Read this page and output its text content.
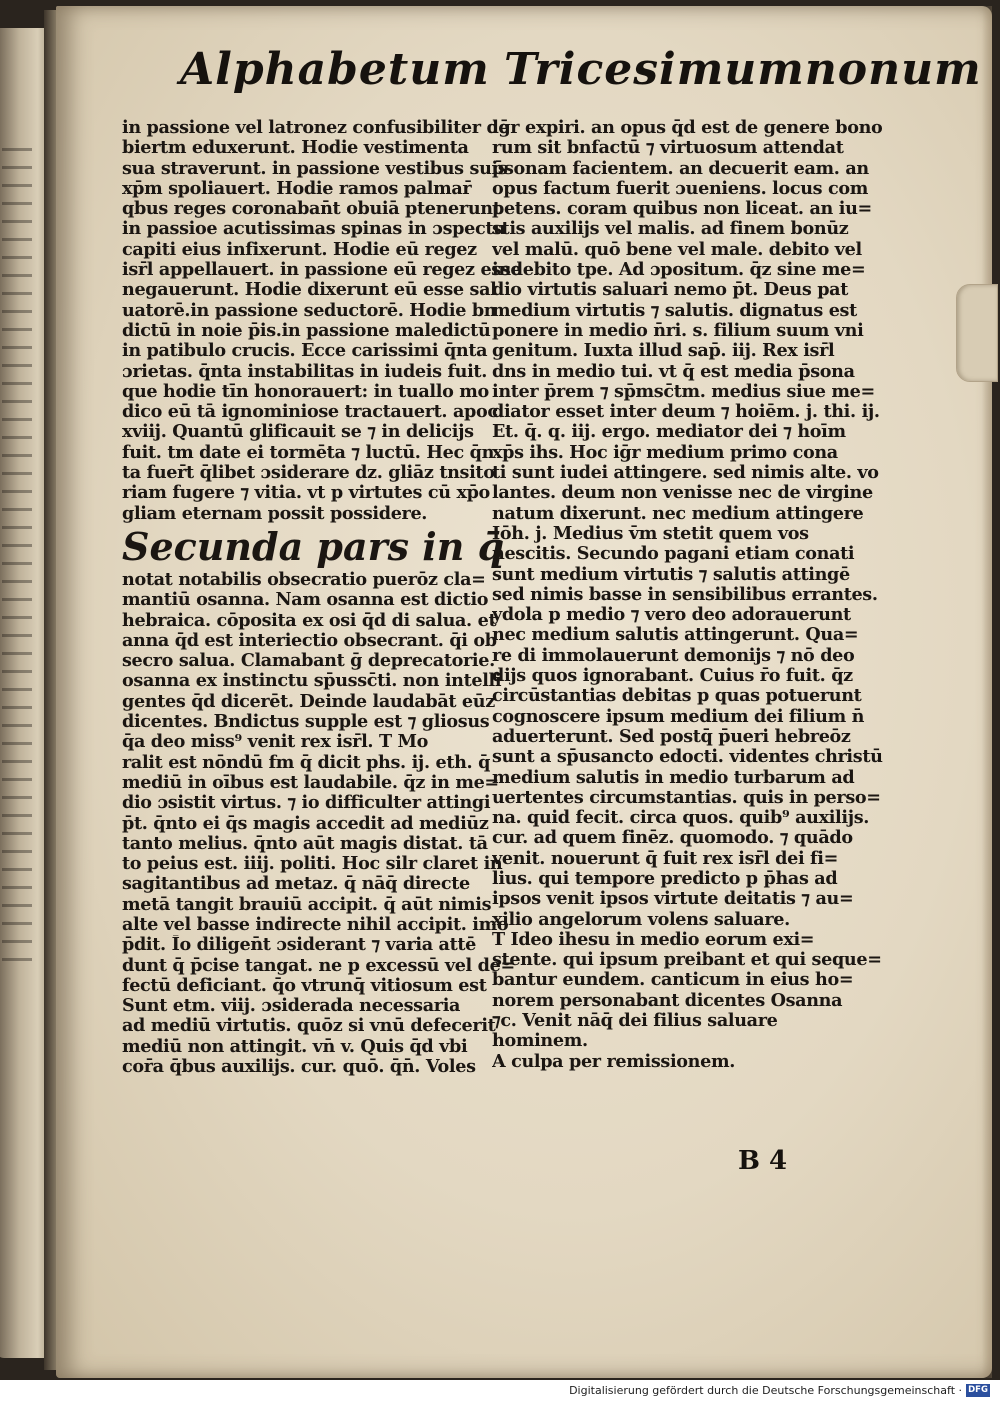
Alphabetum Tricesimumnonum
in passione vel latronez confusibiliter de
biert̄m eduxerunt. Hodie vestimenta
sua straverunt. in passione vestibus suis
xp̄m spoliauert. Hodie ramos palmar̄
qbus reges coronaban̄t obuiā ptenerunt
in passioe acutissimas spinas in ɔspectu
capiti eius infixerunt. Hodie eū regez
isr̄l appellauert. in passione eū regez esse
negauerunt. Hodie dixerunt eū esse sal
uatorē.in passione seductorē. Hodie b̄n
dictū in noie p̄is.in passione maledictū
in patibulo crucis. Ecce carissimi q̄nta
ɔrietas. q̄nta instabilitas in iudeis fuit.
que hodie tīn honorauert: in tuallo mo
dico eū tā ignominiose tractauert. apoc.
xviij. Quantū gl̄ificauit se ⁊ in delicijs
fuit. t̄m date ei tormēta ⁊ luctū. Hec q̄n
ta fuer̄t q̄libet ɔsiderare d̄z. gl̄iāz t̄nsito
riam fugere ⁊ vitia. vt p virtutes cū xp̄o
gl̄iam eternam possit possidere.
Secunda pars in q̄
notat̄ notabilis obsecratio puerōz cla=
mantiū osanna. Nam osanna est dictio
hebraica. cōposita ex osi q̄d d̄i salua. et
anna q̄d est interiectio obsecrant̄. q̄i ob
secro salua. Clamabant ḡ deprecatorie.
osanna ex instinctu sp̄ussc̄ti. non intelli
gentes q̄d dicerēt. Deinde laudabāt eūz
dicentes. B̄ndictus supple est ⁊ gl̄iosus
q̄a deo miss⁹ venit rex isr̄l. T Mo
ralit̄ est nōndū f̄m q̄ dicit ph̄s. ij. eth̄. q̄
mediū in oībus est laudabile. q̄z in me=
dio ɔsistit virtus. ⁊ io difficulter attingi
p̄t. q̄nto ei q̄s magis accedit ad mediūz
tanto melius. q̄nto aūt magis distat. tā
to peius est. iiij. politi. Hoc sil̄r claret in
sagitantibus ad metaz. q̄ nāq̄ directe
metā tangit brauiū accipit. q̄ aūt nimis
alte vel basse indirecte nihil accipit. imo
p̄dit. Īo diligen̄t ɔsiderant ⁊ varia attē
dunt q̄ p̄cise tangat̄. ne p excessū vel de=
fectū deficiant. q̄o vtrunq̄ vitiosum est
Sunt et̄m. viij. ɔsiderada necessaria
ad mediū virtutis. quōz si vnū defecerit
mediū non attingit̄. vn̄ v. Quis q̄d vbi
cor̄a q̄bus auxilijs. cur. quō. q̄n̄. Voles
iḡr expiri. an opus q̄d est de genere bono
rum sit b̄nfactū ⁊ virtuosum attendat
p̄sonam facientem. an decuerit eam. an
opus factum fuerit ɔueniens. locus com
petens. coram quibus non liceat. an iu=
stis auxilijs vel malis. ad finem bonūz
vel malū. quō bene vel male. debito vel
indebito t̄pe. Ad ɔpositum. q̄z sine me=
dio virtutis saluari nemo p̄t. Deus pat̄
medium virtutis ⁊ salutis. dignatus est
ponere in medio n̄ri. s. filium suum vni
genitum. Iuxta illud sap̄. iij. Rex isr̄l
d̄ns in medio tui. vt q̄ est media p̄sona
inter p̄rem ⁊ sp̄msc̄tm. medius siue me=
diator esset inter deum ⁊ hoiēm. j. thi. ij.
Et. q̄. q. iij. ergo. mediator dei ⁊ hoīm
xp̄s ih̄s. Hoc iḡr medium primo cona
ti sunt iudei attingere. sed nimis alte. vo
lantes. deum non venisse nec de virgine
natum dixerunt. nec medium attingere
Iōh. j. Medius v̄m stetit quem vos
nescitis. Secundo pagani etiam conati
sunt medium virtutis ⁊ salutis attingē
sed nimis basse in sensibilibus errantes.
ydola p medio ⁊ vero deo adorauerunt
nec medium salutis attingerunt. Qua=
re d̄i immolauerunt demonijs ⁊ nō deo
dijs quos ignorabant. Cuius r̄o fuit. q̄z
circūstantias debitas p quas potuerunt
cognoscere ipsum medium dei filium n̄
aduerterunt. Sed postq̄ p̄ueri hebreōz
sunt a sp̄usancto edocti. videntes christū
medium salutis in medio turbarum ad
uertentes circumstantias. quis in perso=
na. quid fecit. circa quos. quib⁹ auxilijs.
cur. ad quem finēz. quomodo. ⁊ quādo
venit. nouerunt q̄ fuit rex isr̄l dei fi=
lius. qui tempore predicto p p̄h̄as ad
ipsos venit ipsos virtute deitatis ⁊ au=
xilio angelorum volens saluare.
T Ideo ihesu in medio eorum exi=
stente. qui ipsum preibant et qui seque=
bantur eundem. canticum in eius ho=
norem personabant dicentes Osanna
⁊c. Venit nāq̄ dei filius saluare
hominem.
A culpa per remissionem.
B 4
Digitalisierung gefördert durch die Deutsche Forschungsgemeinschaft · DFG
